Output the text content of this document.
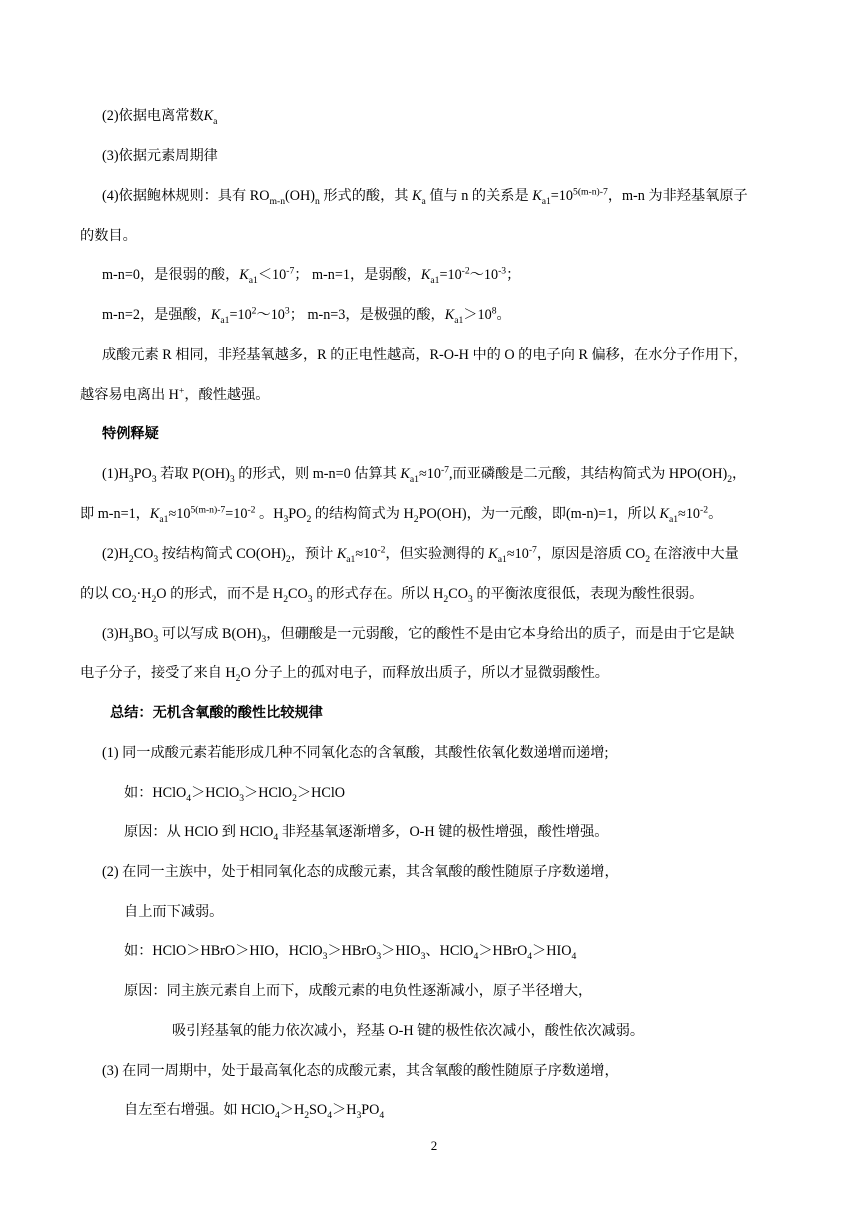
(2)依据电离常数$K_a$
(3)依据元素周期律
(4)依据鲍林规则：具有 $RO_{m-n}(OH)_n$ 形式的酸，其 $K_a$ 值与 n 的关系是 $K_{a1}=10^{5(m-n)-7}$，m-n 为非羟基氧原子
的数目。
m-n=0，是很弱的酸，$K_{a1}<10^{-7}$； m-n=1，是弱酸，$K_{a1}=10^{-2}\sim 10^{-3}$；
m-n=2，是强酸，$K_{a1}=10^2\sim 10^3$； m-n=3，是极强的酸，$K_{a1}>10^8$。
成酸元素 R 相同，非羟基氧越多，R 的正电性越高，R-O-H 中的 O 的电子向 R 偏移，在水分子作用下，
越容易电离出 H+，酸性越强。
特例释疑
$(1)H_3PO_3$ 若取 $P(OH)_3$ 的形式，则 m-n=0 估算其 $K_{a1}\approx 10^{-7}$,而亚磷酸是二元酸，其结构简式为 $HPO(OH)_2$，
即 m-n=1，$K_{a1}\approx 10^{5(m-n)-7}=10^{-2}$ 。$H_3PO_2$ 的结构简式为 $H_2PO(OH)$，为一元酸，即(m-n)=1，所以 $K_{a1}\approx 10^{-2}$。
$(2)H_2CO_3$ 按结构简式 $CO(OH)_2$，预计 $K_{a1}\approx 10^{-2}$，但实验测得的 $K_{a1}\approx 10^{-7}$，原因是溶质 $CO_2$ 在溶液中大量
的以 $CO_2\cdot H_2O$ 的形式，而不是 $H_2CO_3$ 的形式存在。所以 $H_2CO_3$ 的平衡浓度很低，表现为酸性很弱。
$(3)H_3BO_3$ 可以写成 $B(OH)_3$，但硼酸是一元弱酸，它的酸性不是由它本身给出的质子，而是由于它是缺
电子分子，接受了来自 $H_2O$ 分子上的孤对电子，而释放出质子，所以才显微弱酸性。
总结：无机含氧酸的酸性比较规律
(1) 同一成酸元素若能形成几种不同氧化态的含氧酸，其酸性依氧化数递增而递增;
如：HClO$_4$＞HClO$_3$＞HClO$_2$＞HClO
原因：从 HClO 到 HClO$_4$ 非羟基氧逐渐增多，O-H 键的极性增强，酸性增强。
(2) 在同一主族中，处于相同氧化态的成酸元素，其含氧酸的酸性随原子序数递增，
自上而下减弱。
如：HClO＞HBrO＞HIO，$HClO_3>HBrO_3>HIO_3$、$HClO_4>HBrO_4>HIO_4$
原因：同主族元素自上而下，成酸元素的电负性逐渐减小，原子半径增大，
吸引羟基氧的能力依次减小，羟基 O-H 键的极性依次减小，酸性依次减弱。
(3) 在同一周期中，处于最高氧化态的成酸元素，其含氧酸的酸性随原子序数递增，
自左至右增强。如 $HClO_4>H_2SO_4>H_3PO_4$
2
